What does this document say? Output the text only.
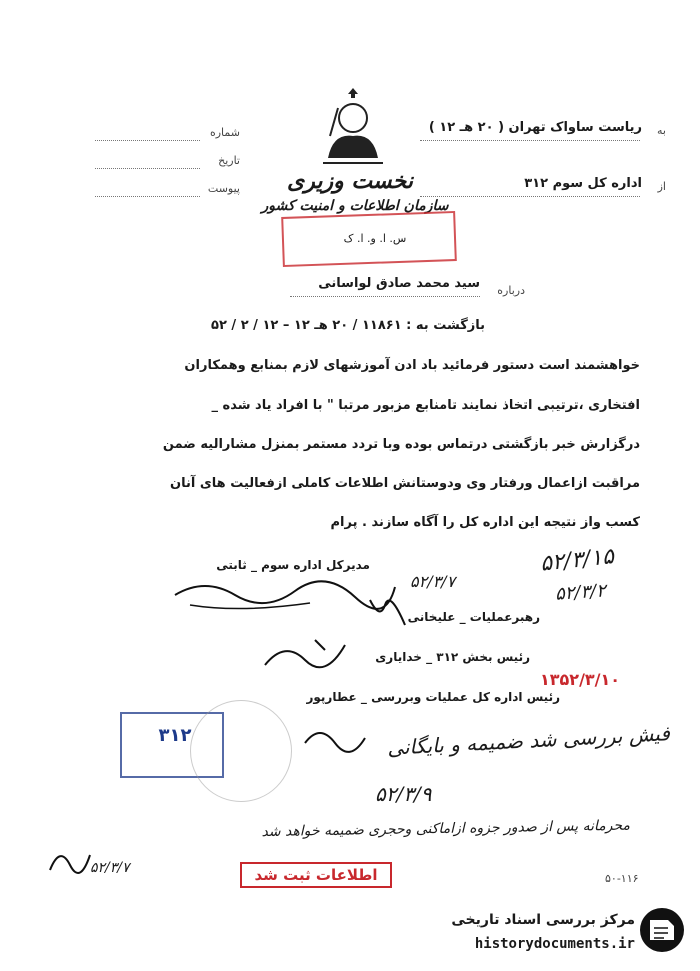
نخست وزیری
سازمان اطلاعات و امنیت کشور
س. ا. و. ا. ک
شماره
تاریخ
پیوست
به
ریاست ساواک تهران ( ۲۰ هـ ۱۲ )
از
اداره کل سوم ۳۱۲
درباره
سید محمد صادق لواسانی
بازگشت به : ۱۱۸۶۱ / ۲۰ هـ ۱۲ – ۱۲ / ۲ / ۵۲
خواهشمند است دستور فرمائید باد ادن آموزشهای لازم بمنابع وهمکاران
افتخاری ،ترتیبی اتخاذ نمایند تامنابع مزبور مرتبا " با افراد یاد شده _
درگزارش خبر بازگشتی درتماس بوده وبا تردد مستمر بمنزل مشارالیه ضمن
مراقبت ازاعمال ورفتار وی ودوستانش اطلاعات کاملی ازفعالیت های آنان
کسب واز نتیجه این اداره کل را آگاه سازند . پرام
مدیرکل اداره سوم _ ثابتی	۵۲/۳/۱۵
۵۲/۳/۲
۵۲/۳/۷
رهبرعملیات _ علیخانی
رئیس بخش ۳۱۲ _ خدایاری
۱۳۵۲/۳/۱۰
رئیس اداره کل عملیات وبررسی _ عطارپور
۳۱۲	فیش بررسی شد ضمیمه و بایگانی
۵۲/۳/۹
محرمانه پس از صدور جزوه ازاماکنی وحجری ضمیمه خواهد شد
۵۲/۳/۷	اطلاعات ثبت شد	۵۰-۱۱۶
مرکز بررسی اسناد تاریخی
historydocuments.ir
